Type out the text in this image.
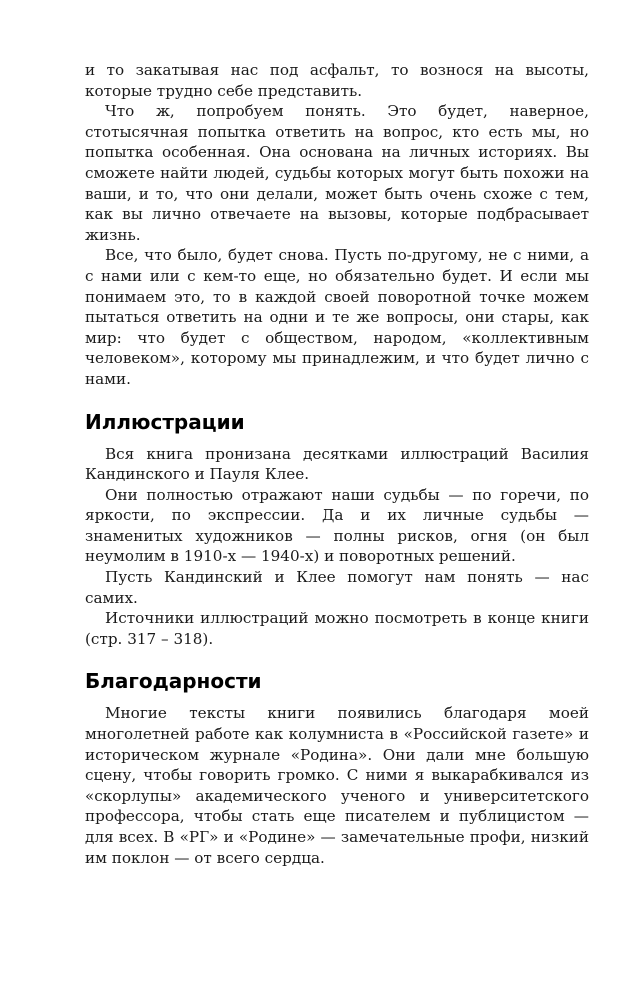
и то закатывая нас под асфальт, то вознося на высоты, которые трудно себе представить.

Что ж, попробуем понять. Это будет, наверное, стотысячная попытка ответить на вопрос, кто есть мы, но попытка особенная. Она основана на личных историях. Вы сможете найти людей, судьбы которых могут быть похожи на ваши, и то, что они делали, может быть очень схоже с тем, как вы лично отвечаете на вызовы, которые подбрасывает жизнь.

Все, что было, будет снова. Пусть по-другому, не с ними, а с нами или с кем-то еще, но обязательно будет. И если мы понимаем это, то в каждой своей поворотной точке можем пытаться ответить на одни и те же вопросы, они стары, как мир: что будет с обществом, народом, «коллективным человеком», которому мы принадлежим, и что будет лично с нами.

Иллюстрации

Вся книга пронизана десятками иллюстраций Василия Кандинского и Пауля Клее.

Они полностью отражают наши судьбы — по горечи, по яркости, по экспрессии. Да и их личные судьбы — знаменитых художников — полны рисков, огня (он был неумолим в 1910-х — 1940-х) и поворотных решений.

Пусть Кандинский и Клее помогут нам понять — нас самих.

Источники иллюстраций можно посмотреть в конце книги (стр. 317 – 318).

Благодарности

Многие тексты книги появились благодаря моей многолетней работе как колумниста в «Российской газете» и историческом журнале «Родина». Они дали мне большую сцену, чтобы говорить громко. С ними я выкарабкивался из «скорлупы» академического ученого и университетского профессора, чтобы стать еще писателем и публицистом — для всех. В «РГ» и «Родине» — замечательные профи, низкий им поклон — от всего сердца.
